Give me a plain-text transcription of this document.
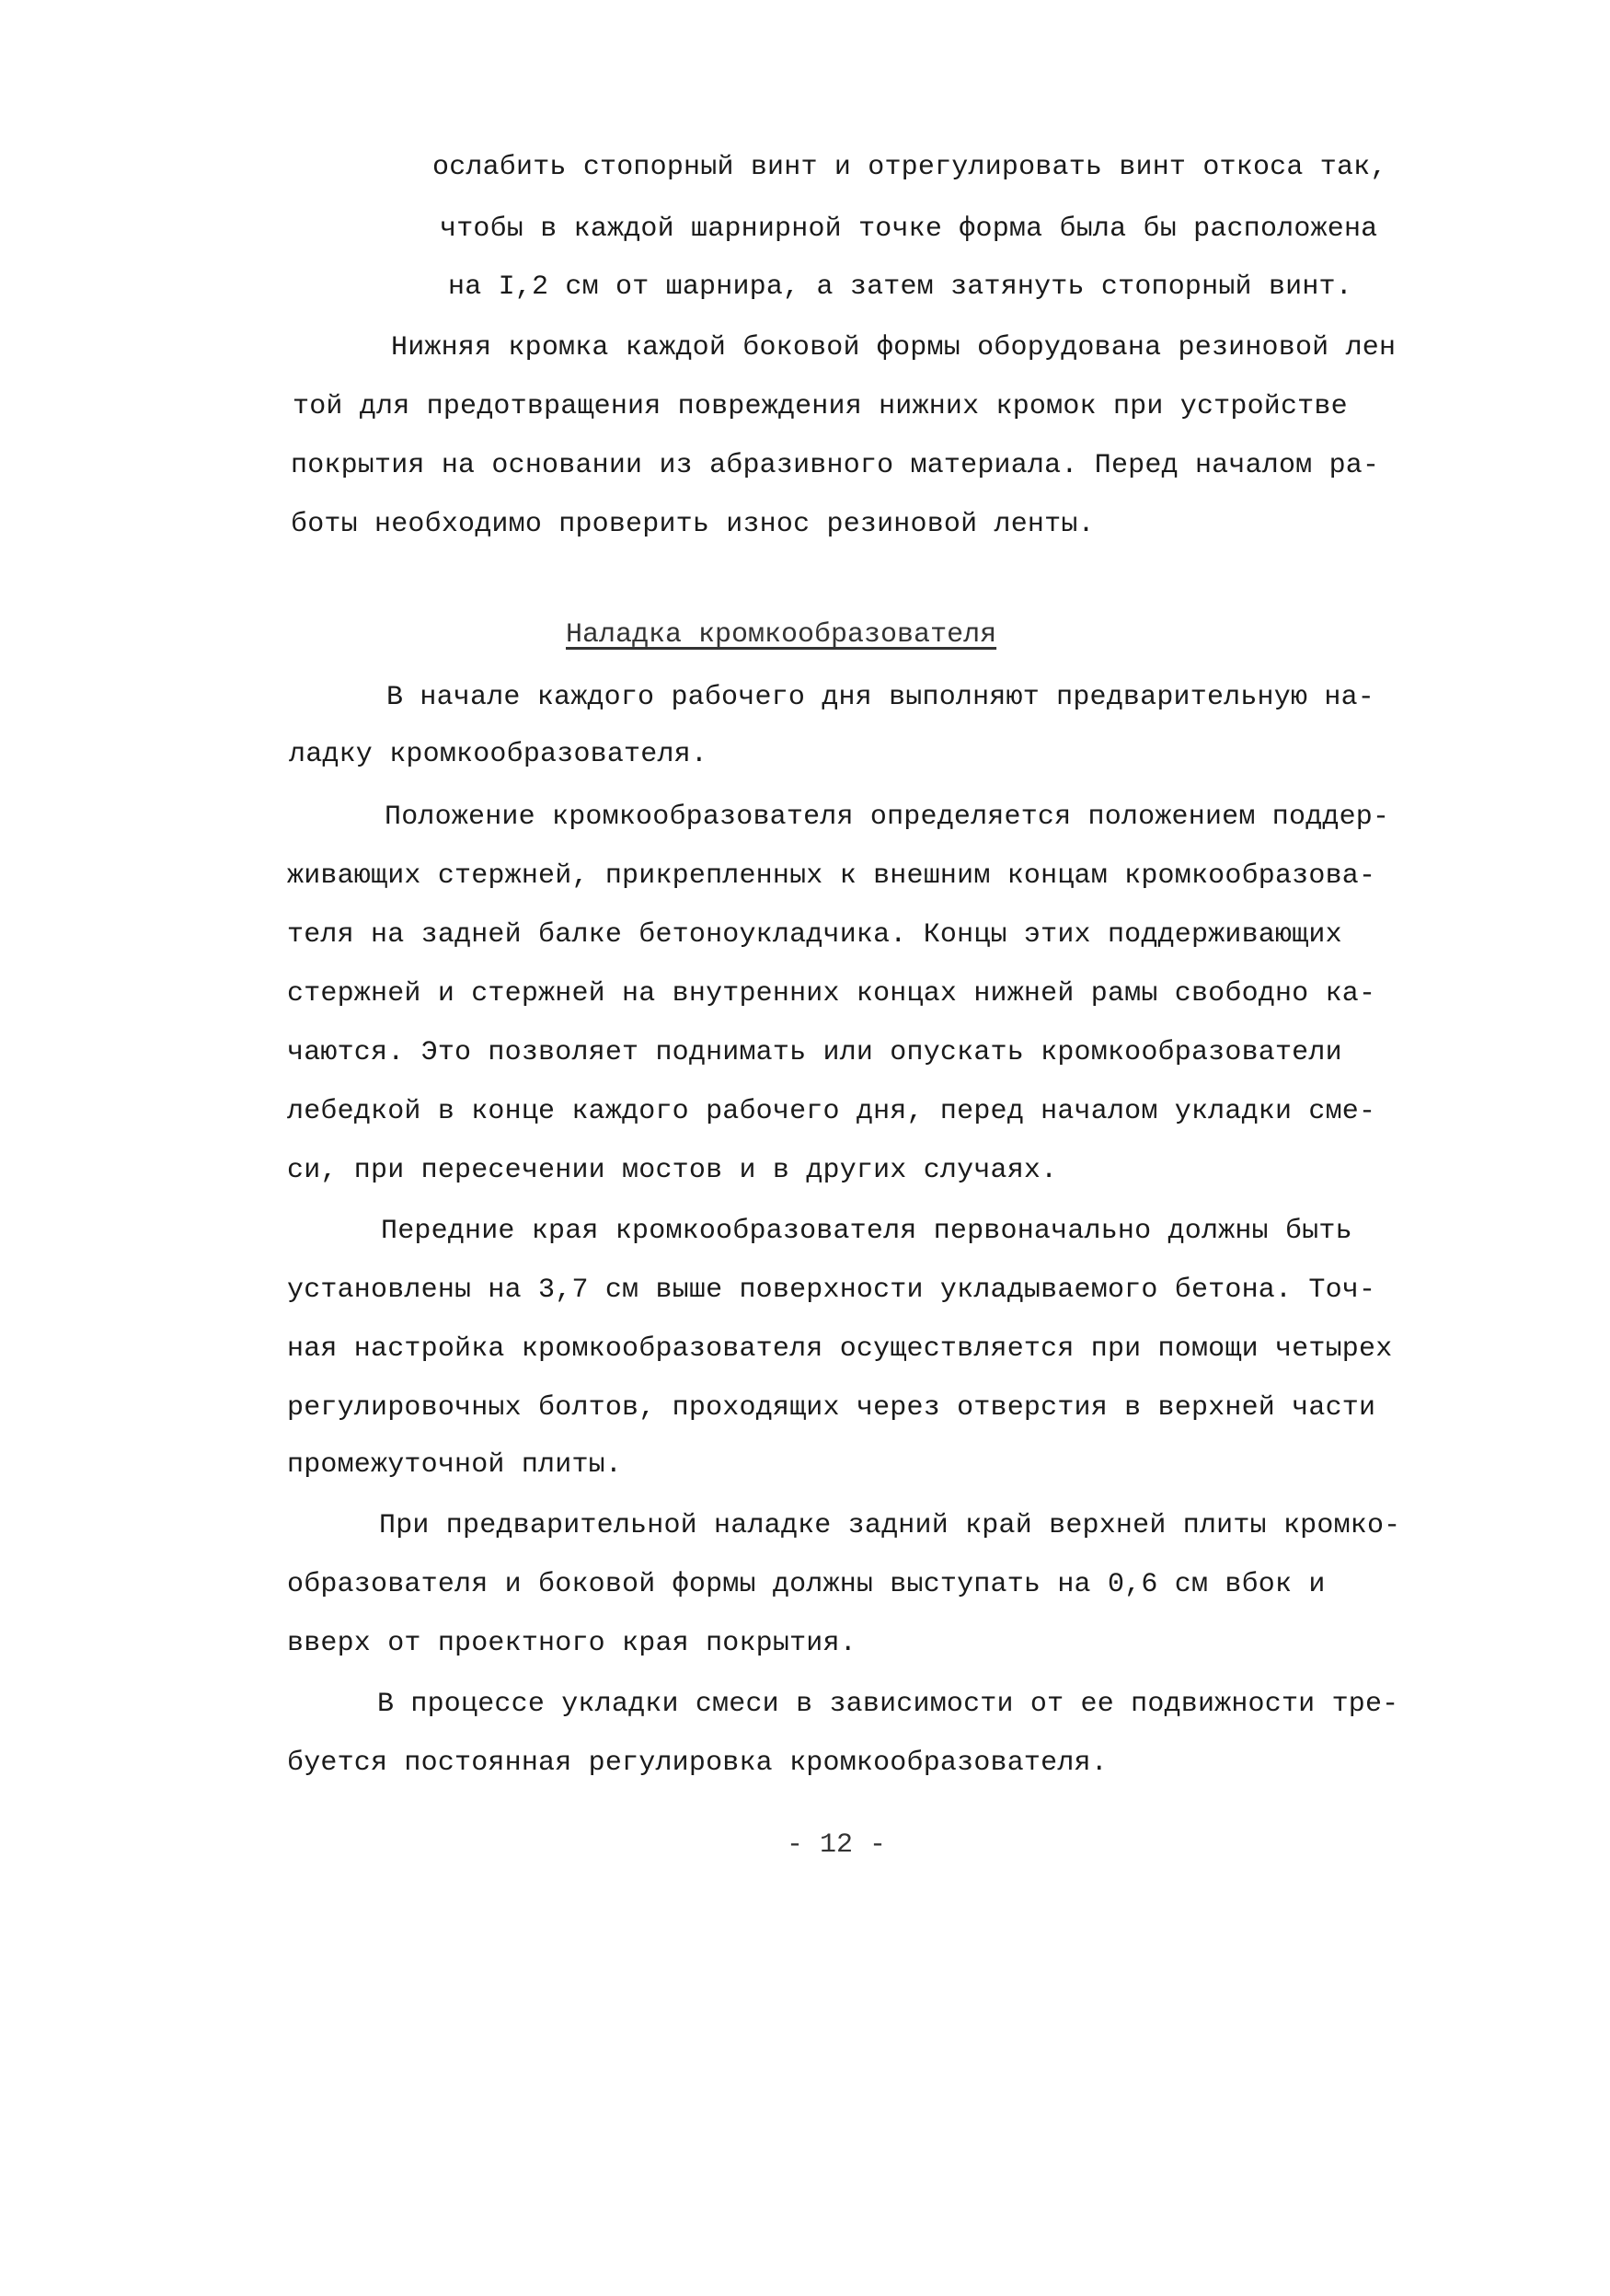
ослабить стопорный винт и отрегулировать винт откоса так,
чтобы в каждой шарнирной точке форма была бы расположена
на I,2 см от шарнира, а затем затянуть стопорный винт.
Нижняя кромка каждой боковой формы оборудована резиновой лен
той для предотвращения повреждения нижних кромок при устройстве
покрытия на основании из абразивного материала. Перед началом ра-
боты необходимо проверить износ резиновой ленты.
Наладка кромкообразователя
В начале каждого рабочего дня выполняют предварительную на-
ладку кромкообразователя.
Положение кромкообразователя определяется положением поддер-
живающих стержней, прикрепленных к внешним концам кромкообразова-
теля на задней балке бетоноукладчика. Концы этих поддерживающих
стержней и стержней на внутренних концах нижней рамы свободно ка-
чаются. Это позволяет поднимать или опускать кромкообразователи
лебедкой в конце каждого рабочего дня, перед началом укладки сме-
си, при пересечении мостов и в других случаях.
Передние края кромкообразователя первоначально должны быть
установлены на 3,7 см выше поверхности укладываемого бетона. Точ-
ная настройка кромкообразователя осуществляется при помощи четырех
регулировочных болтов, проходящих через отверстия в верхней части
промежуточной плиты.
При предварительной наладке задний край верхней плиты кромко-
образователя и боковой формы должны выступать на 0,6 см вбок и
вверх от проектного края покрытия.
В процессе укладки смеси в зависимости от ее подвижности тре-
буется постоянная регулировка кромкообразователя.
- 12 -
